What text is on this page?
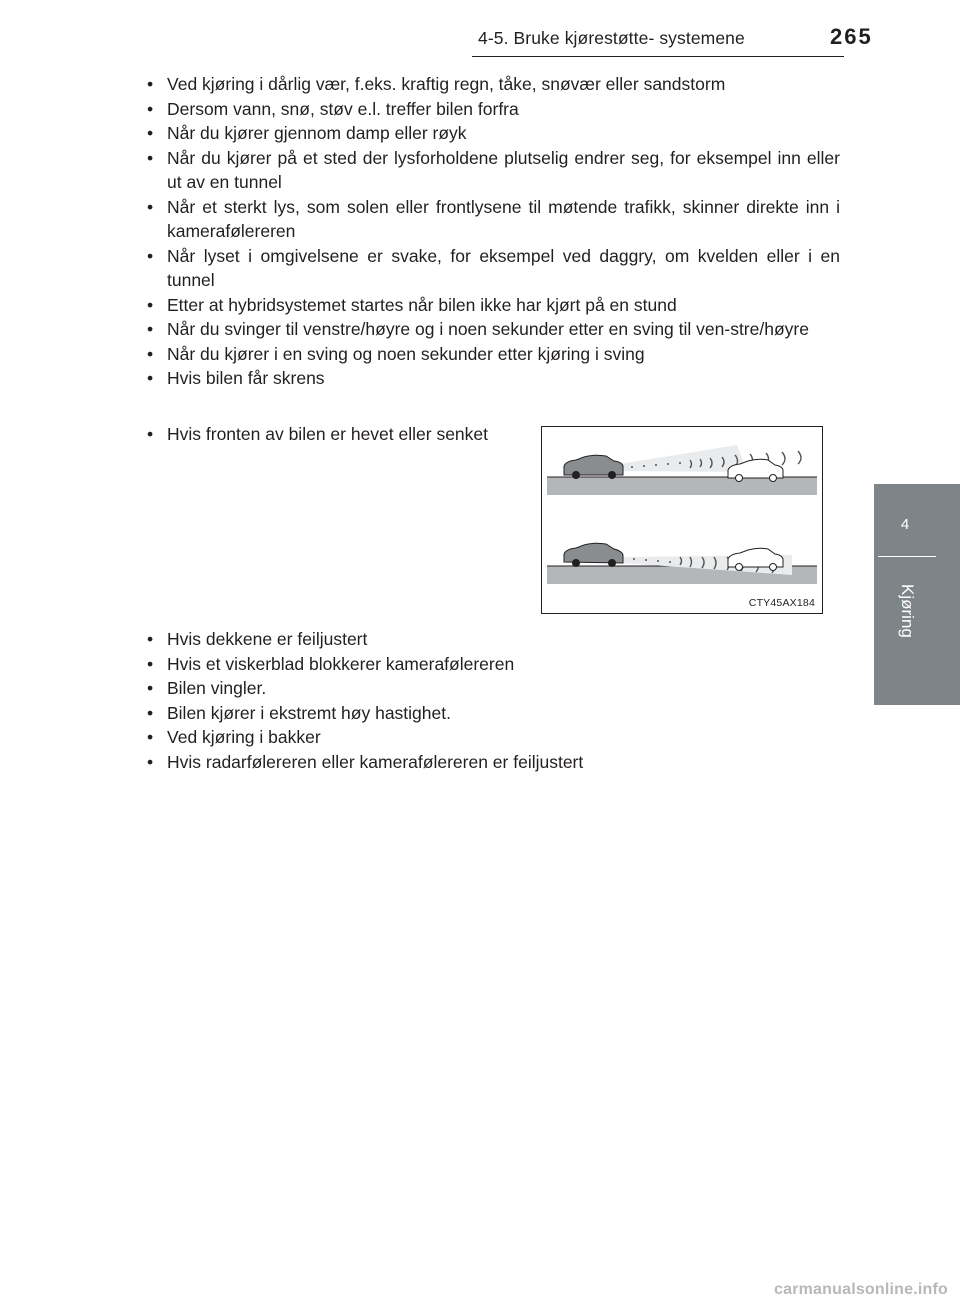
4-5. Bruke kjørestøtte- systemene	265
4
Kjøring
• Ved kjøring i dårlig vær, f.eks. kraftig regn, tåke, snøvær eller sandstorm
• Dersom vann, snø, støv e.l. treffer bilen forfra
• Når du kjører gjennom damp eller røyk
• Når du kjører på et sted der lysforholdene plutselig endrer seg, for eksempel inn eller ut av en tunnel
• Når et sterkt lys, som solen eller frontlysene til møtende trafikk, skinner direkte inn i kamerafølereren
• Når lyset i omgivelsene er svake, for eksempel ved daggry, om kvelden eller i en tunnel
• Etter at hybridsystemet startes når bilen ikke har kjørt på en stund
• Når du svinger til venstre/høyre og i noen sekunder etter en sving til ven-stre/høyre
• Når du kjører i en sving og noen sekunder etter kjøring i sving
• Hvis bilen får skrens
• Hvis fronten av bilen er hevet eller senket
CTY45AX184
• Hvis dekkene er feiljustert
• Hvis et viskerblad blokkerer kamerafølereren
• Bilen vingler.
• Bilen kjører i ekstremt høy hastighet.
• Ved kjøring i bakker
• Hvis radarfølereren eller kamerafølereren er feiljustert
carmanualsonline.info
